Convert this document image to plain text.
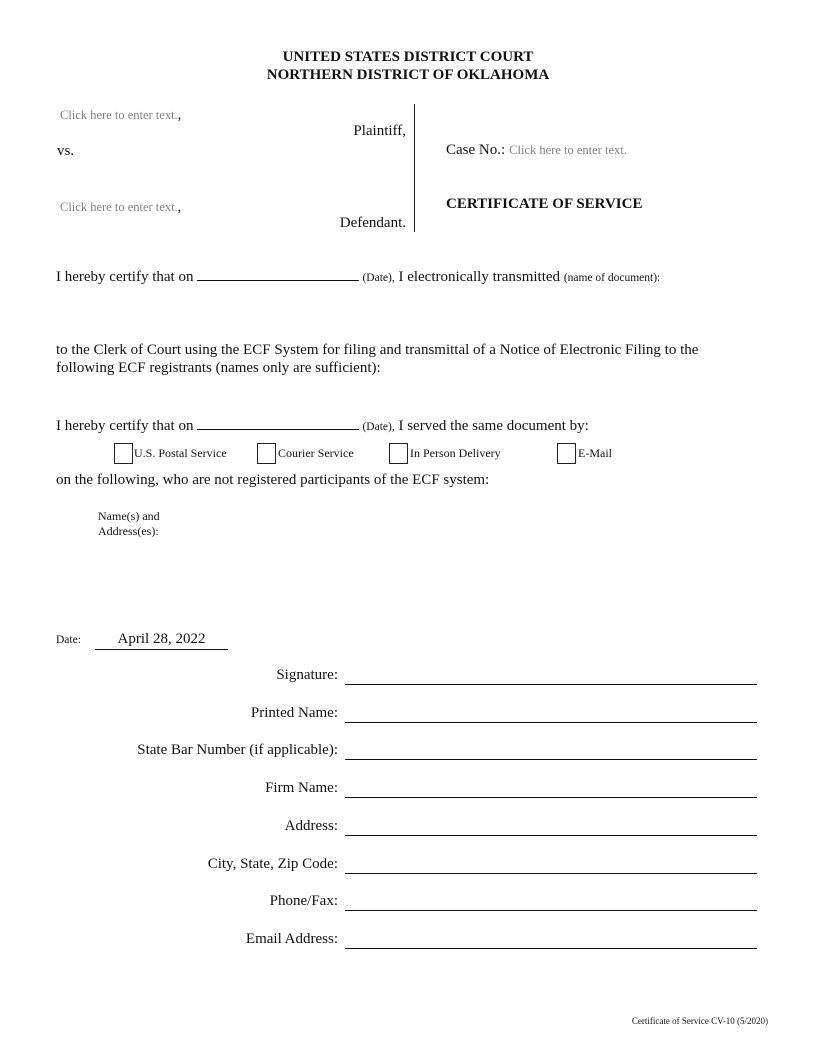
UNITED STATES DISTRICT COURT
NORTHERN DISTRICT OF OKLAHOMA
Click here to enter text.,
Plaintiff,
vs.
Click here to enter text.,
Defendant.
Case No.: Click here to enter text.
CERTIFICATE OF SERVICE
I hereby certify that on	(Date), I electronically transmitted (name of document):
to the Clerk of Court using the ECF System for filing and transmittal of a Notice of Electronic Filing to the following ECF registrants (names only are sufficient):
I hereby certify that on	(Date), I served the same document by:
U.S. Postal Service	Courier Service	In Person Delivery	E-Mail
on the following, who are not registered participants of the ECF system:
Name(s) and
Address(es):
Date:	April 28, 2022
Signature:
Printed Name:
State Bar Number (if applicable):
Firm Name:
Address:
City, State, Zip Code:
Phone/Fax:
Email Address:
Certificate of Service CV-10 (5/2020)
